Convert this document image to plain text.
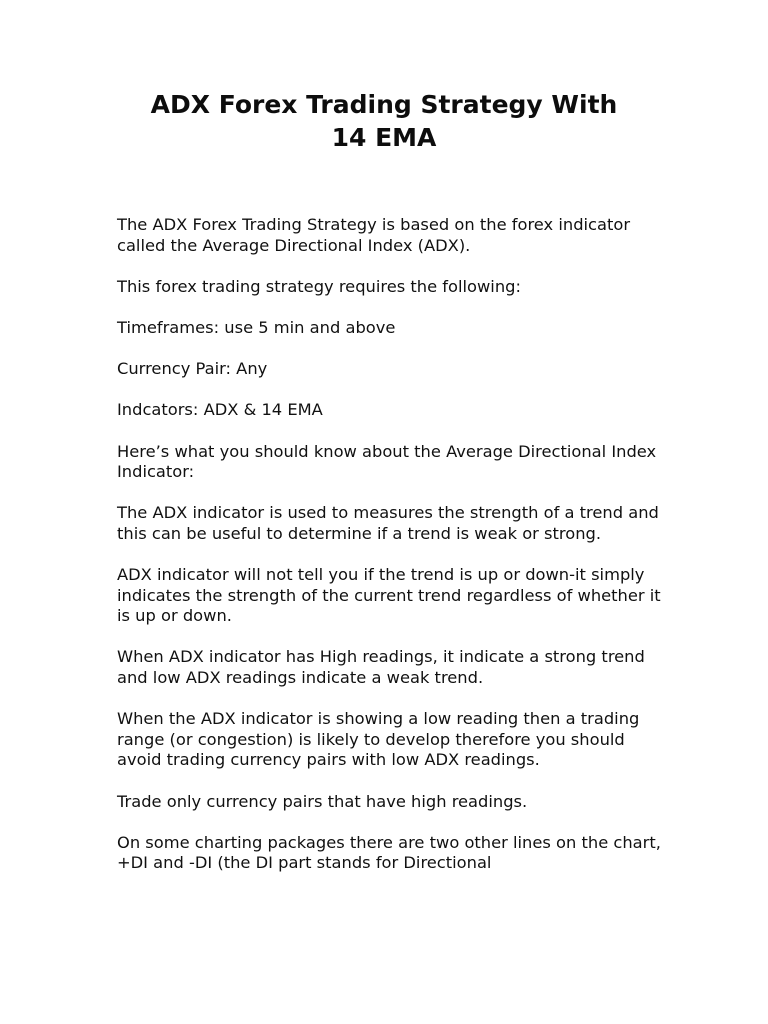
ADX Forex Trading Strategy With
14 EMA

The ADX Forex Trading Strategy is based on the forex indicator called the Average Directional Index (ADX).

This forex trading strategy requires the following:

Timeframes: use 5 min and above

Currency Pair: Any

Indcators: ADX & 14 EMA

Here’s what you should know about the Average Directional Index Indicator:

The ADX indicator is used to measures the strength of a trend and this can be useful to determine if a trend is weak or strong.

ADX indicator will not tell you if the trend is up or down-it simply indicates the strength of the current trend regardless of whether it is up or down.

When ADX indicator has High readings, it indicate a strong trend and low ADX readings indicate a weak trend.

When the ADX indicator is showing a low reading then a trading range (or congestion) is likely to develop therefore you should avoid trading currency pairs with low ADX readings.

Trade only currency pairs that have high readings.

On some charting packages there are two other lines on the chart, +DI and -DI (the DI part stands for Directional
